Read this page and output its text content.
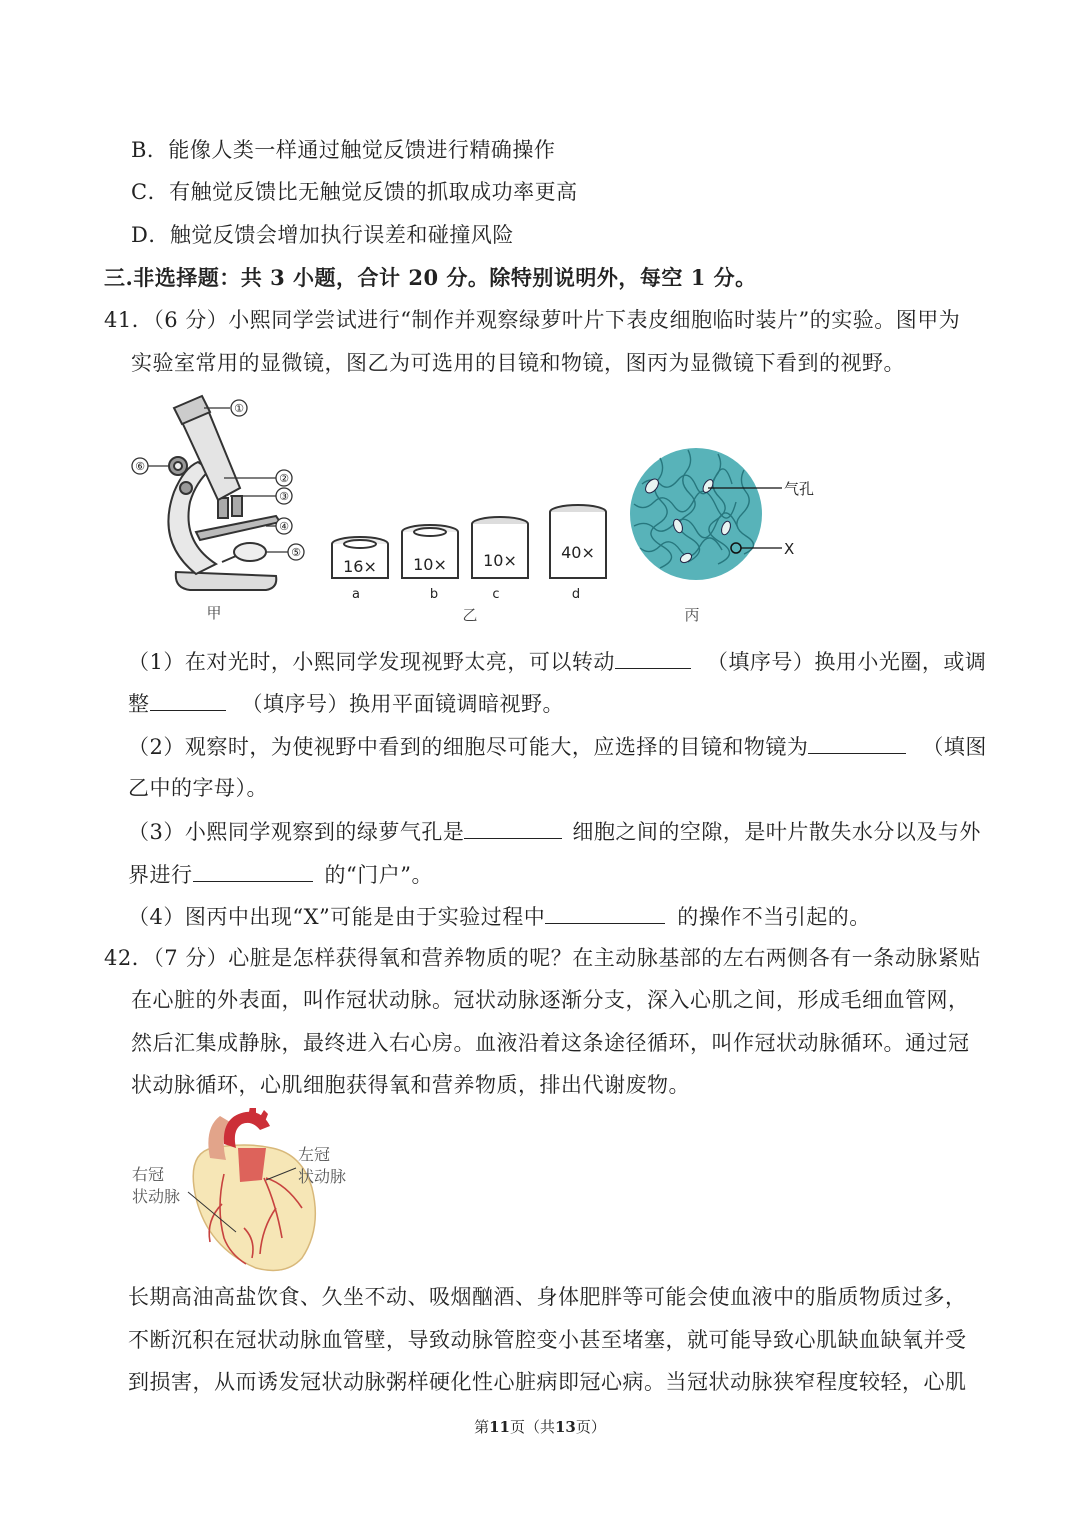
B．能像人类一样通过触觉反馈进行精确操作
C．有触觉反馈比无触觉反馈的抓取成功率更高
D．触觉反馈会增加执行误差和碰撞风险
三.非选择题：共 3 小题，合计 20 分。除特别说明外，每空 1 分。
41．（6 分）小熙同学尝试进行“制作并观察绿萝叶片下表皮细胞临时装片”的实验。图甲为
实验室常用的显微镜，图乙为可选用的目镜和物镜，图丙为显微镜下看到的视野。
①
②
③
④
⑤
⑥
甲
16× 10× 10×	40×
a	b	c	d
乙
气孔
X
丙
（1）在对光时，小熙同学发现视野太亮，可以转动	（填序号）换用小光圈，或调
整	（填序号）换用平面镜调暗视野。
（2）观察时，为使视野中看到的细胞尽可能大，应选择的目镜和物镜为	（填图
乙中的字母）。
（3）小熙同学观察到的绿萝气孔是	细胞之间的空隙，是叶片散失水分以及与外
界进行	的“门户”。
（4）图丙中出现“X”可能是由于实验过程中	的操作不当引起的。
42．（7 分）心脏是怎样获得氧和营养物质的呢？在主动脉基部的左右两侧各有一条动脉紧贴
在心脏的外表面，叫作冠状动脉。冠状动脉逐渐分支，深入心肌之间，形成毛细血管网，
然后汇集成静脉，最终进入右心房。血液沿着这条途径循环，叫作冠状动脉循环。通过冠
状动脉循环，心肌细胞获得氧和营养物质，排出代谢废物。
右冠
状动脉
左冠
状动脉
长期高油高盐饮食、久坐不动、吸烟酗酒、身体肥胖等可能会使血液中的脂质物质过多，
不断沉积在冠状动脉血管壁，导致动脉管腔变小甚至堵塞，就可能导致心肌缺血缺氧并受
到损害，从而诱发冠状动脉粥样硬化性心脏病即冠心病。当冠状动脉狭窄程度较轻，心肌
第11页（共13页）
